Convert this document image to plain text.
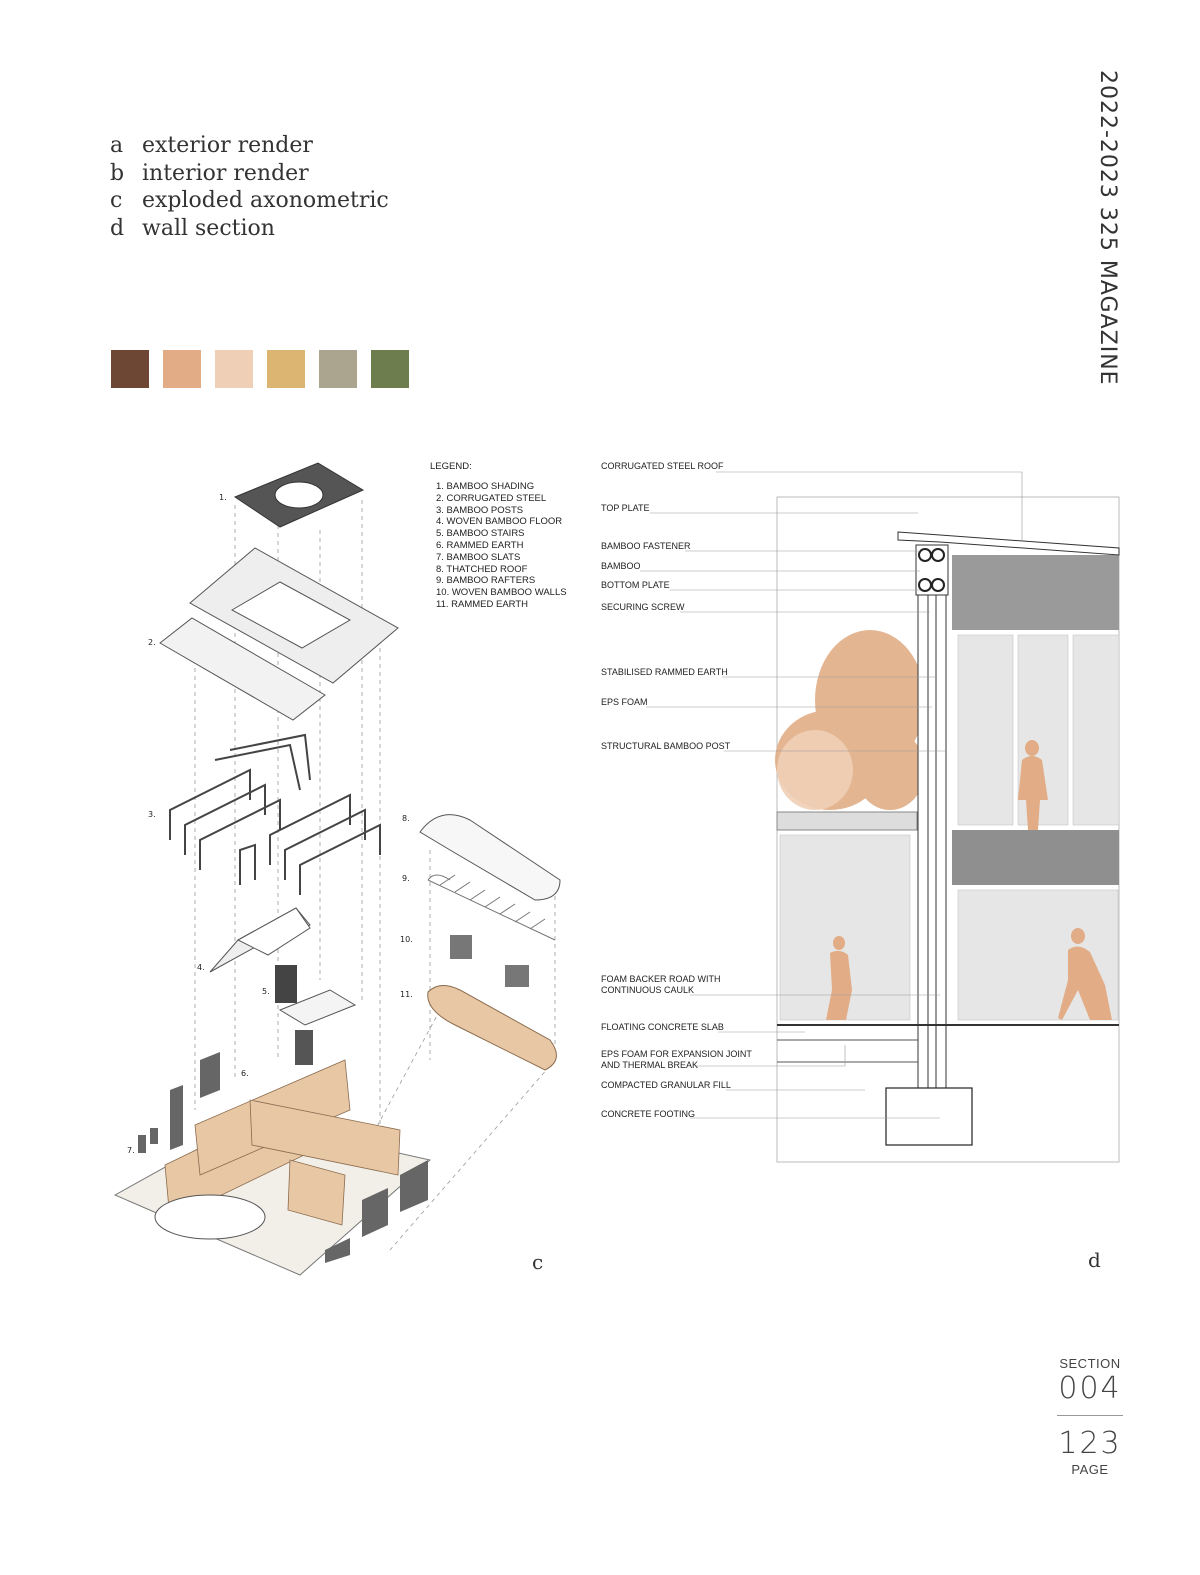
a exterior render
b interior render
c exploded axonometric
d wall section	2022-2023 325 MAGAZINE
1.
2.
3.
4.
5.
6.
7.
8.
9.
10.
11.
LEGEND:
1. BAMBOO SHADING
2. CORRUGATED STEEL
3. BAMBOO POSTS
4. WOVEN BAMBOO FLOOR
5. BAMBOO STAIRS
6. RAMMED EARTH
7. BAMBOO SLATS
8. THATCHED ROOF
9. BAMBOO RAFTERS
10. WOVEN BAMBOO WALLS
11. RAMMED EARTH
CORRUGATED STEEL ROOF
TOP PLATE
BAMBOO FASTENER
BAMBOO
BOTTOM PLATE
SECURING SCREW
STABILISED RAMMED EARTH
EPS FOAM
STRUCTURAL BAMBOO POST
FOAM BACKER ROAD WITH
CONTINUOUS CAULK
FLOATING CONCRETE SLAB
EPS FOAM FOR EXPANSION JOINT
AND THERMAL BREAK
COMPACTED GRANULAR FILL
CONCRETE FOOTING
c	d
SECTION
004
123
PAGE
